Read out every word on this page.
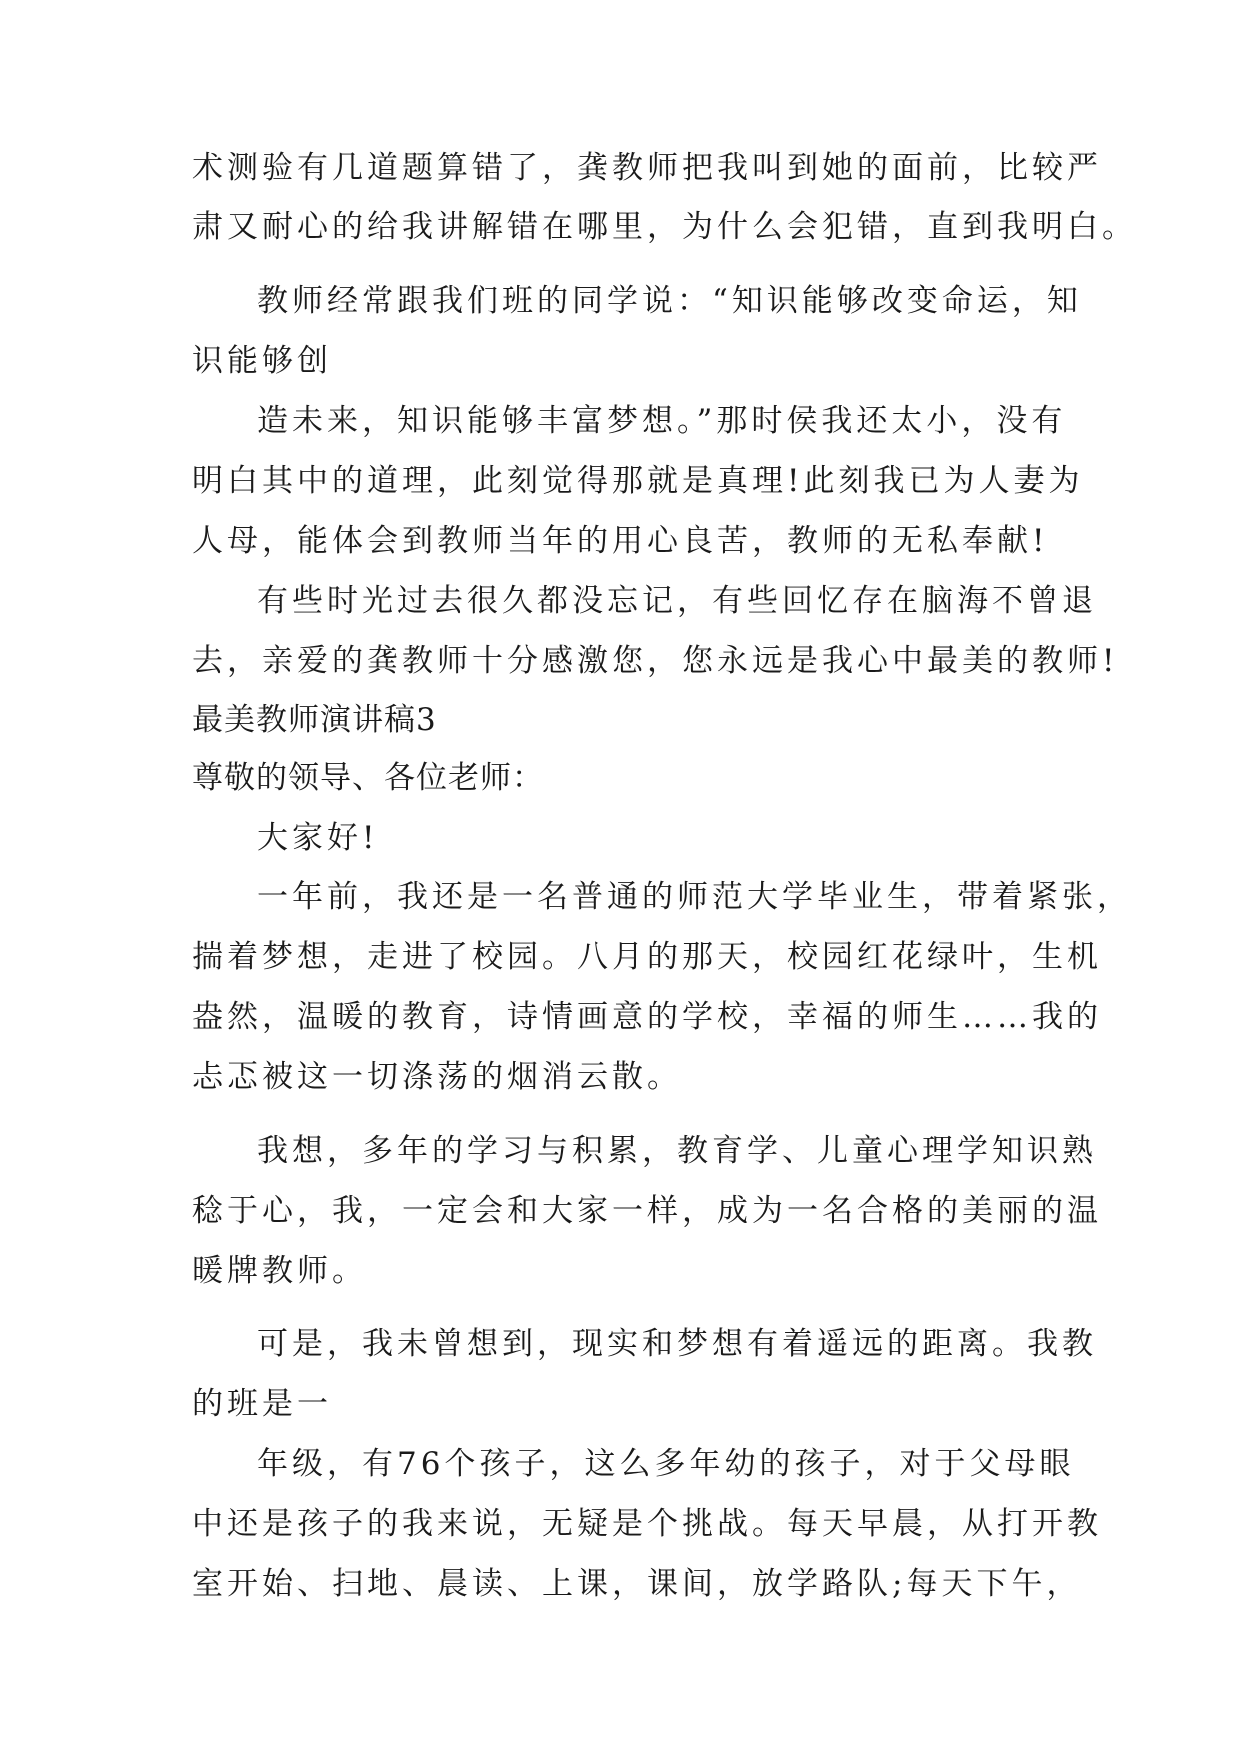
术测验有几道题算错了，龚教师把我叫到她的面前，比较严
肃又耐心的给我讲解错在哪里，为什么会犯错，直到我明白。
教师经常跟我们班的同学说：“知识能够改变命运，知
识能够创
造未来，知识能够丰富梦想。”那时侯我还太小，没有
明白其中的道理，此刻觉得那就是真理!此刻我已为人妻为
人母，能体会到教师当年的用心良苦，教师的无私奉献!
有些时光过去很久都没忘记，有些回忆存在脑海不曾退
去，亲爱的龚教师十分感激您，您永远是我心中最美的教师!
最美教师演讲稿3
尊敬的领导、各位老师：
大家好!
一年前，我还是一名普通的师范大学毕业生，带着紧张，
揣着梦想，走进了校园。八月的那天，校园红花绿叶，生机
盎然，温暖的教育，诗情画意的学校，幸福的师生……我的
忐忑被这一切涤荡的烟消云散。
我想，多年的学习与积累，教育学、儿童心理学知识熟
稔于心，我，一定会和大家一样，成为一名合格的美丽的温
暖牌教师。
可是，我未曾想到，现实和梦想有着遥远的距离。我教
的班是一
年级，有76个孩子，这么多年幼的孩子，对于父母眼
中还是孩子的我来说，无疑是个挑战。每天早晨，从打开教
室开始、扫地、晨读、上课，课间，放学路队;每天下午，
